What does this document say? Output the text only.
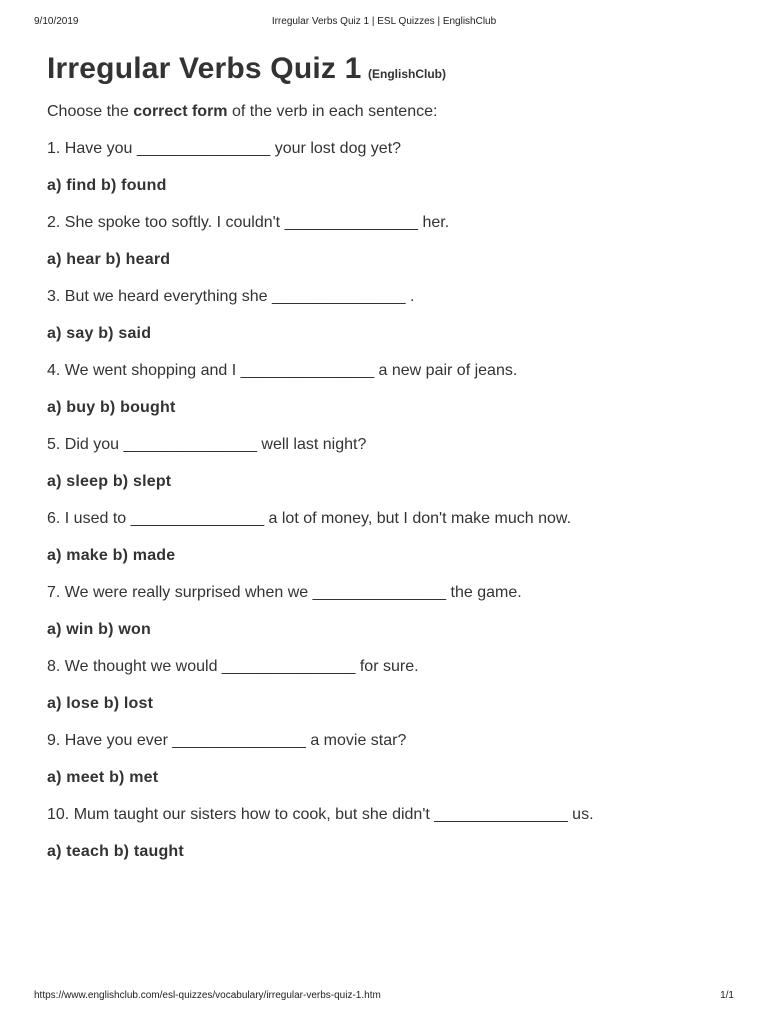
9/10/2019	Irregular Verbs Quiz 1 | ESL Quizzes | EnglishClub
Irregular Verbs Quiz 1 (EnglishClub)
Choose the correct form of the verb in each sentence:
1. Have you _______________ your lost dog yet?
a) find b) found
2. She spoke too softly. I couldn't _______________ her.
a) hear b) heard
3. But we heard everything she _______________ .
a) say b) said
4. We went shopping and I _______________ a new pair of jeans.
a) buy b) bought
5. Did you _______________ well last night?
a) sleep b) slept
6. I used to _______________ a lot of money, but I don't make much now.
a) make b) made
7. We were really surprised when we _______________ the game.
a) win b) won
8. We thought we would _______________ for sure.
a) lose b) lost
9. Have you ever _______________ a movie star?
a) meet b) met
10. Mum taught our sisters how to cook, but she didn't _______________ us.
a) teach b) taught
https://www.englishclub.com/esl-quizzes/vocabulary/irregular-verbs-quiz-1.htm	1/1
